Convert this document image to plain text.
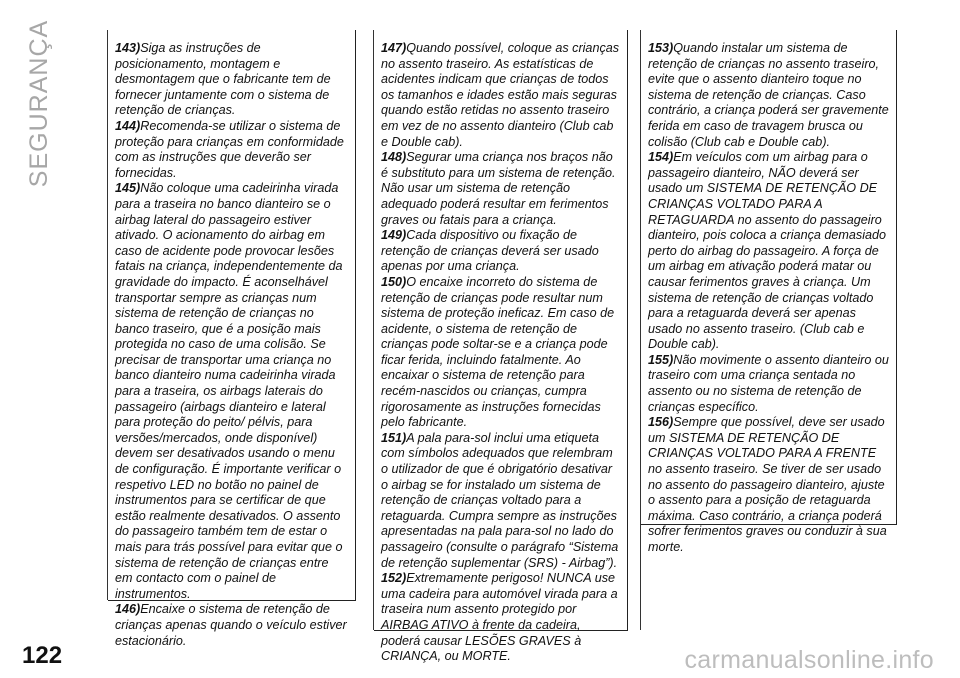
SEGURANÇA	143)Siga as instruções de posicionamento, montagem e desmontagem que o fabricante tem de fornecer juntamente com o sistema de retenção de crianças.

144)Recomenda-se utilizar o sistema de proteção para crianças em conformidade com as instruções que deverão ser fornecidas.

145)Não coloque uma cadeirinha virada para a traseira no banco dianteiro se o airbag lateral do passageiro estiver ativado. O acionamento do airbag em caso de acidente pode provocar lesões fatais na criança, independentemente da gravidade do impacto. É aconselhável transportar sempre as crianças num sistema de retenção de crianças no banco traseiro, que é a posição mais protegida no caso de uma colisão. Se precisar de transportar uma criança no banco dianteiro numa cadeirinha virada para a traseira, os airbags laterais do passageiro (airbags dianteiro e lateral para proteção do peito/ pélvis, para versões/mercados, onde disponível) devem ser desativados usando o menu de configuração. É importante verificar o respetivo LED no botão no painel de instrumentos para se certificar de que estão realmente desativados. O assento do passageiro também tem de estar o mais para trás possível para evitar que o sistema de retenção de crianças entre em contacto com o painel de instrumentos.

146)Encaixe o sistema de retenção de crianças apenas quando o veículo estiver estacionário.

147)Quando possível, coloque as crianças no assento traseiro. As estatísticas de acidentes indicam que crianças de todos os tamanhos e idades estão mais seguras quando estão retidas no assento traseiro em vez de no assento dianteiro (Club cab e Double cab).

148)Segurar uma criança nos braços não é substituto para um sistema de retenção. Não usar um sistema de retenção adequado poderá resultar em ferimentos graves ou fatais para a criança.

149)Cada dispositivo ou fixação de retenção de crianças deverá ser usado apenas por uma criança.

150)O encaixe incorreto do sistema de retenção de crianças pode resultar num sistema de proteção ineficaz. Em caso de acidente, o sistema de retenção de crianças pode soltar-se e a criança pode ficar ferida, incluindo fatalmente. Ao encaixar o sistema de retenção para recém-nascidos ou crianças, cumpra rigorosamente as instruções fornecidas pelo fabricante.

151)A pala para-sol inclui uma etiqueta com símbolos adequados que relembram o utilizador de que é obrigatório desativar o airbag se for instalado um sistema de retenção de crianças voltado para a retaguarda. Cumpra sempre as instruções apresentadas na pala para-sol no lado do passageiro (consulte o parágrafo “Sistema de retenção suplementar (SRS) - Airbag”).

152)Extremamente perigoso! NUNCA use uma cadeira para automóvel virada para a traseira num assento protegido por AIRBAG ATIVO à frente da cadeira, poderá causar LESÕES GRAVES à CRIANÇA, ou MORTE.

153)Quando instalar um sistema de retenção de crianças no assento traseiro, evite que o assento dianteiro toque no sistema de retenção de crianças. Caso contrário, a criança poderá ser gravemente ferida em caso de travagem brusca ou colisão (Club cab e Double cab).

154)Em veículos com um airbag para o passageiro dianteiro, NÃO deverá ser usado um SISTEMA DE RETENÇÃO DE CRIANÇAS VOLTADO PARA A RETAGUARDA no assento do passageiro dianteiro, pois coloca a criança demasiado perto do airbag do passageiro. A força de um airbag em ativação poderá matar ou causar ferimentos graves à criança. Um sistema de retenção de crianças voltado para a retaguarda deverá ser apenas usado no assento traseiro. (Club cab e Double cab).

155)Não movimente o assento dianteiro ou traseiro com uma criança sentada no assento ou no sistema de retenção de crianças específico.

156)Sempre que possível, deve ser usado um SISTEMA DE RETENÇÃO DE CRIANÇAS VOLTADO PARA A FRENTE no assento traseiro. Se tiver de ser usado no assento do passageiro dianteiro, ajuste o assento para a posição de retaguarda máxima. Caso contrário, a criança poderá sofrer ferimentos graves ou conduzir à sua morte.

122	carmanualsonline.info
